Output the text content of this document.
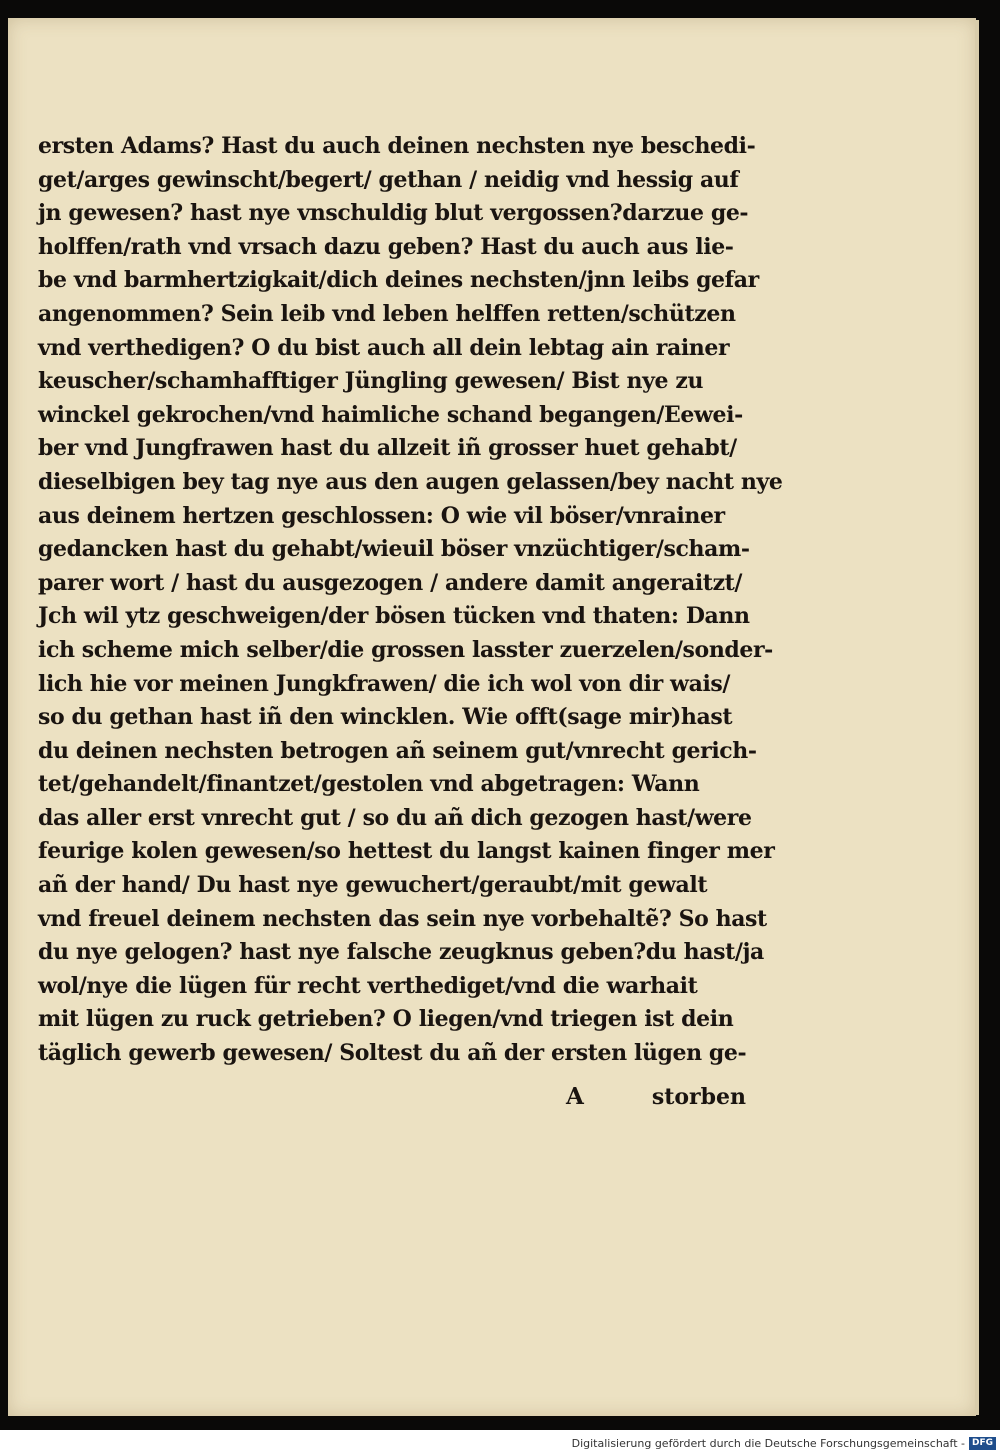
ersten Adams? Hast du auch deinen nechsten nye beschedi-
get/arges gewinscht/begert/ gethan / neidig vnd hessig auf
jn gewesen? hast nye vnschuldig blut vergossen?darzue ge-
holffen/rath vnd vrsach dazu geben? Hast du auch aus lie-
be vnd barmhertzigkait/dich deines nechsten/jnn leibs gefar
angenommen? Sein leib vnd leben helffen retten/schützen
vnd verthedigen? O du bist auch all dein lebtag ain rainer
keuscher/schamhafftiger Jüngling gewesen/ Bist nye zu
winckel gekrochen/vnd haimliche schand begangen/Eewei-
ber vnd Jungfrawen hast du allzeit iñ grosser huet gehabt/
dieselbigen bey tag nye aus den augen gelassen/bey nacht nye
aus deinem hertzen geschlossen: O wie vil böser/vnrainer
gedancken hast du gehabt/wieuil böser vnzüchtiger/scham-
parer wort / hast du ausgezogen / andere damit angeraitzt/
Jch wil ytz geschweigen/der bösen tücken vnd thaten: Dann
ich scheme mich selber/die grossen lasster zuerzelen/sonder-
lich hie vor meinen Jungkfrawen/ die ich wol von dir wais/
so du gethan hast iñ den wincklen. Wie offt(sage mir)hast
du deinen nechsten betrogen añ seinem gut/vnrecht gerich-
tet/gehandelt/finantzet/gestolen vnd abgetragen: Wann
das aller erst vnrecht gut / so du añ dich gezogen hast/were
feurige kolen gewesen/so hettest du langst kainen finger mer
añ der hand/ Du hast nye gewuchert/geraubt/mit gewalt
vnd freuel deinem nechsten das sein nye vorbehaltẽ? So hast
du nye gelogen? hast nye falsche zeugknus geben?du hast/ja
wol/nye die lügen für recht verthediget/vnd die warhait
mit lügen zu ruck getrieben? O liegen/vnd triegen ist dein
täglich gewerb gewesen/ Soltest du añ der ersten lügen ge-
A	storben
Digitalisierung gefördert durch die Deutsche Forschungsgemeinschaft - DFG
